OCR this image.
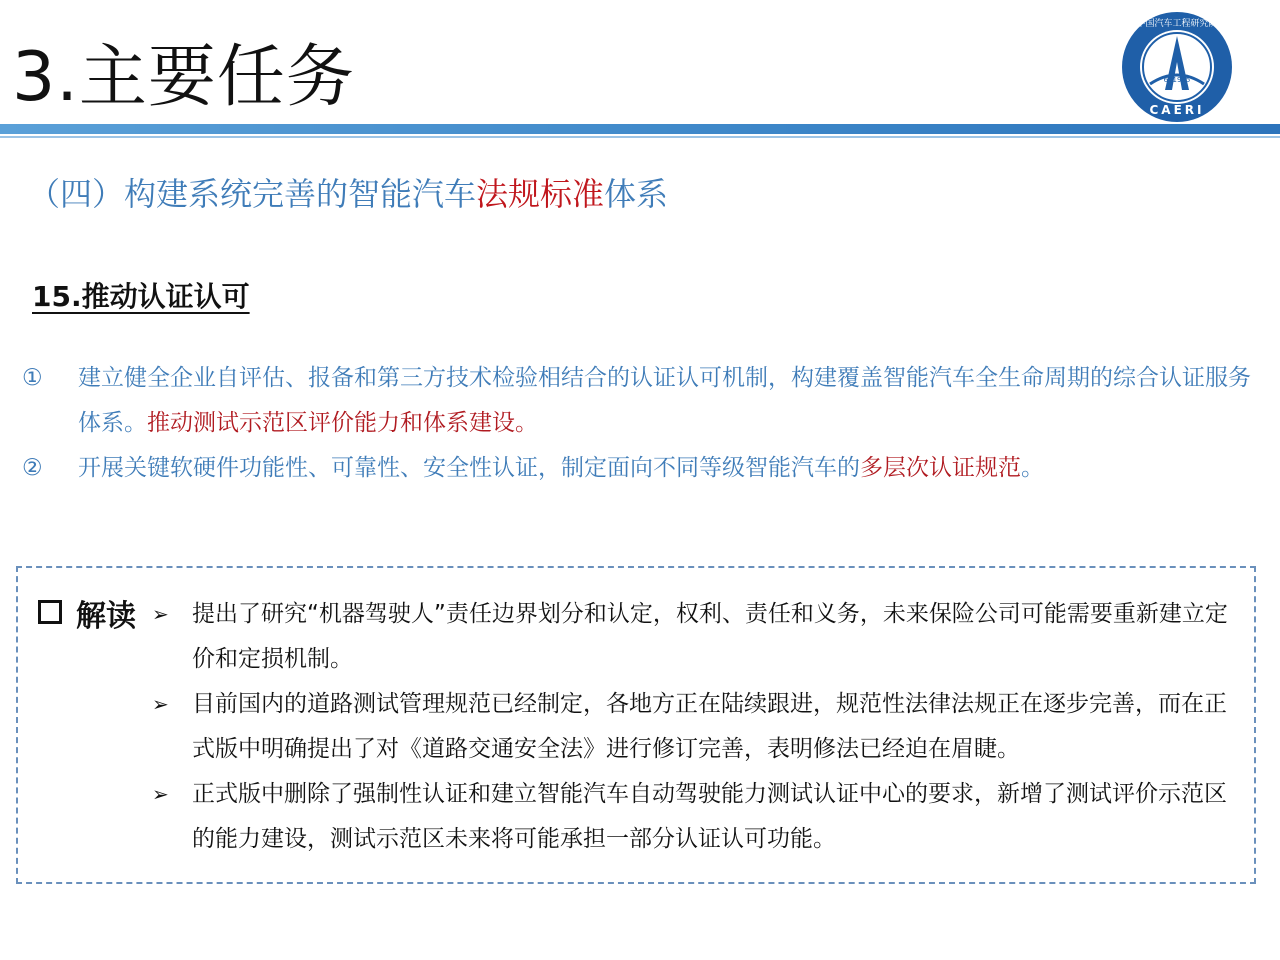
3.主要任务	601965
CAERI
中国汽车工程研究院
（四）构建系统完善的智能汽车法规标准体系
15.推动认证认可
① 建立健全企业自评估、报备和第三方技术检验相结合的认证认可机制，构建覆盖智能汽车全生命周期的综合认证服务体系。推动测试示范区评价能力和体系建设。
② 开展关键软硬件功能性、可靠性、安全性认证，制定面向不同等级智能汽车的多层次认证规范。
解读 ➢ 提出了研究“机器驾驶人”责任边界划分和认定，权利、责任和义务，未来保险公司可能需要重新建立定价和定损机制。
➢ 目前国内的道路测试管理规范已经制定，各地方正在陆续跟进，规范性法律法规正在逐步完善，而在正式版中明确提出了对《道路交通安全法》进行修订完善，表明修法已经迫在眉睫。
➢ 正式版中删除了强制性认证和建立智能汽车自动驾驶能力测试认证中心的要求，新增了测试评价示范区的能力建设，测试示范区未来将可能承担一部分认证认可功能。
